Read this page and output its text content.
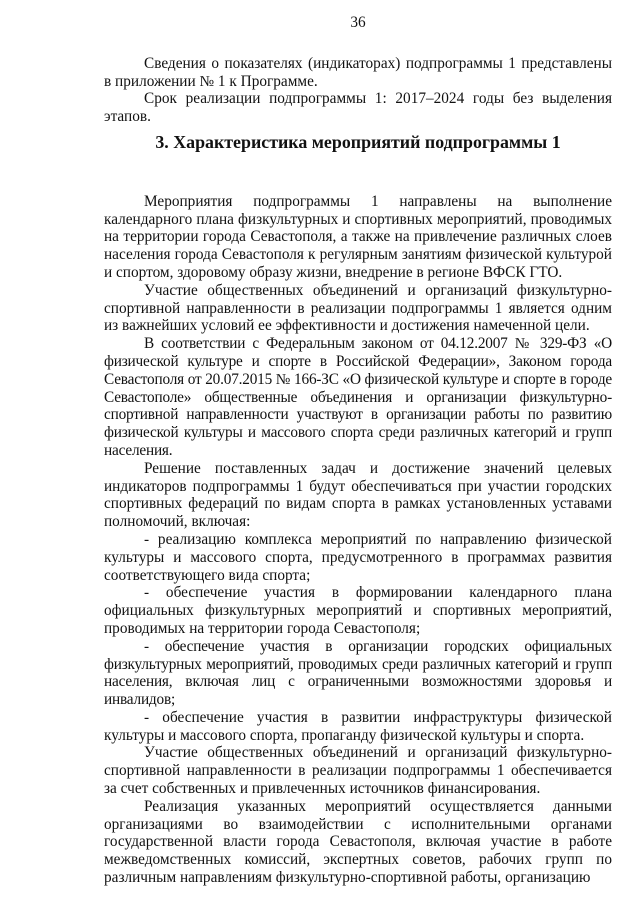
36

Сведения о показателях (индикаторах) подпрограммы 1 представлены в приложении № 1 к Программе.

Срок реализации подпрограммы 1: 2017–2024 годы без выделения этапов.

3. Характеристика мероприятий подпрограммы 1

Мероприятия подпрограммы 1 направлены на выполнение календарного плана физкультурных и спортивных мероприятий, проводимых на территории города Севастополя, а также на привлечение различных слоев населения города Севастополя к регулярным занятиям физической культурой и спортом, здоровому образу жизни, внедрение в регионе ВФСК ГТО.

Участие общественных объединений и организаций физкультурно-спортивной направленности в реализации подпрограммы 1 является одним из важнейших условий ее эффективности и достижения намеченной цели.

В соответствии с Федеральным законом от 04.12.2007 № 329-ФЗ «О физической культуре и спорте в Российской Федерации», Законом города Севастополя от 20.07.2015 № 166-ЗС «О физической культуре и спорте в городе Севастополе» общественные объединения и организации физкультурно-спортивной направленности участвуют в организации работы по развитию физической культуры и массового спорта среди различных категорий и групп населения.

Решение поставленных задач и достижение значений целевых индикаторов подпрограммы 1 будут обеспечиваться при участии городских спортивных федераций по видам спорта в рамках установленных уставами полномочий, включая:

- реализацию комплекса мероприятий по направлению физической культуры и массового спорта, предусмотренного в программах развития соответствующего вида спорта;

- обеспечение участия в формировании календарного плана официальных физкультурных мероприятий и спортивных мероприятий, проводимых на территории города Севастополя;

- обеспечение участия в организации городских официальных физкультурных мероприятий, проводимых среди различных категорий и групп населения, включая лиц с ограниченными возможностями здоровья и инвалидов;

- обеспечение участия в развитии инфраструктуры физической культуры и массового спорта, пропаганду физической культуры и спорта.

Участие общественных объединений и организаций физкультурно-спортивной направленности в реализации подпрограммы 1 обеспечивается за счет собственных и привлеченных источников финансирования.

Реализация указанных мероприятий осуществляется данными организациями во взаимодействии с исполнительными органами государственной власти города Севастополя, включая участие в работе межведомственных комиссий, экспертных советов, рабочих групп по различным направлениям физкультурно-спортивной работы, организацию
